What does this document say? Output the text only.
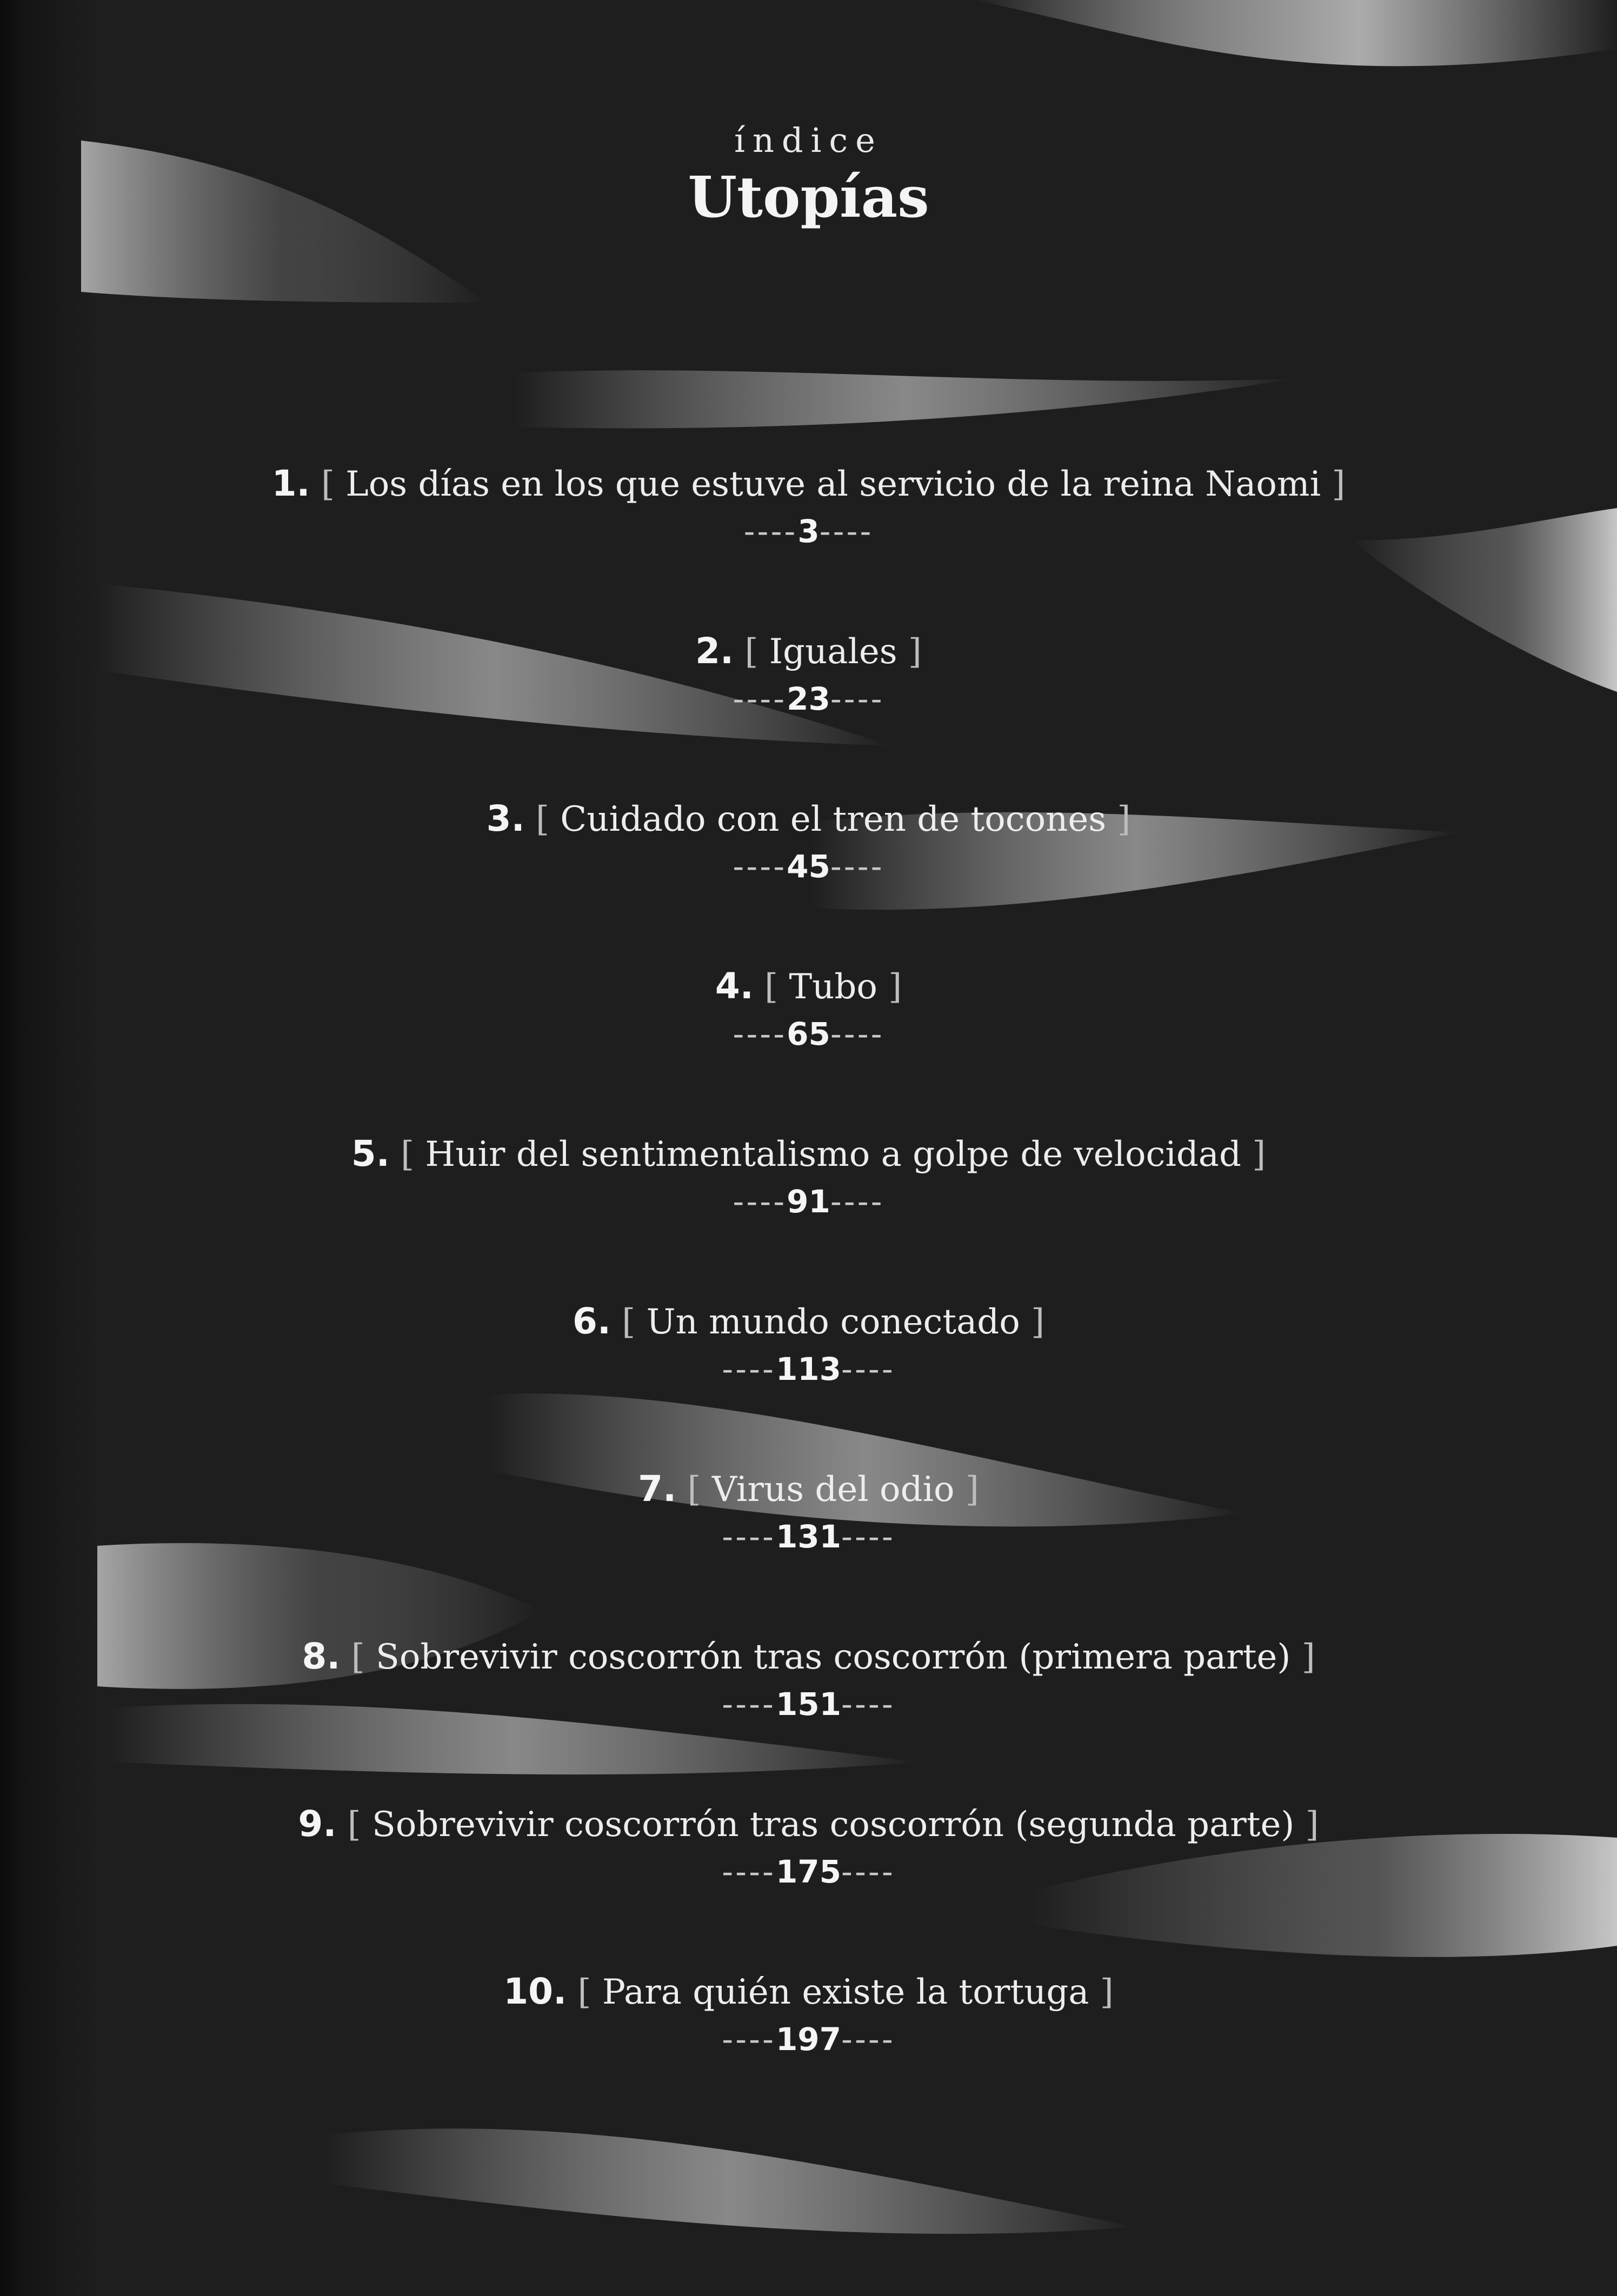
índice
Utopías
1. [ Los días en los que estuve al servicio de la reina Naomi ]
----3----
2. [ Iguales ]
----23----
3. [ Cuidado con el tren de tocones ]
----45----
4. [ Tubo ]
----65----
5. [ Huir del sentimentalismo a golpe de velocidad ]
----91----
6. [ Un mundo conectado ]
----113----
7. [ Virus del odio ]
----131----
8. [ Sobrevivir coscorrón tras coscorrón (primera parte) ]
----151----
9. [ Sobrevivir coscorrón tras coscorrón (segunda parte) ]
----175----
10. [ Para quién existe la tortuga ]
----197----
